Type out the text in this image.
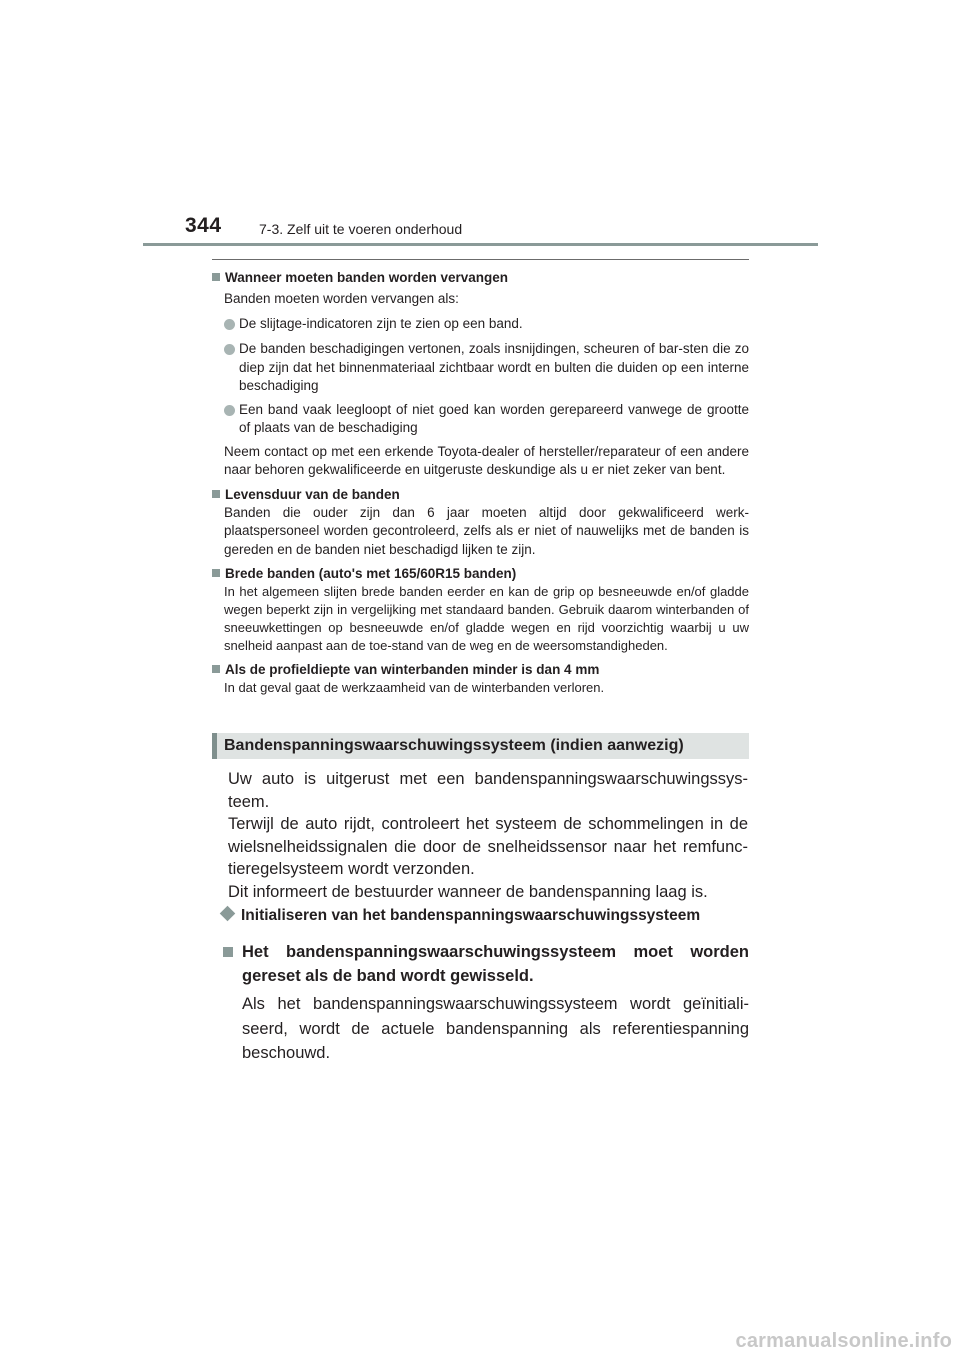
344	7-3. Zelf uit te voeren onderhoud
Wanneer moeten banden worden vervangen

Banden moeten worden vervangen als:

De slijtage-indicatoren zijn te zien op een band.
De banden beschadigingen vertonen, zoals insnijdingen, scheuren of bar-sten die zo diep zijn dat het binnenmateriaal zichtbaar wordt en bulten die duiden op een interne beschadiging
Een band vaak leegloopt of niet goed kan worden gerepareerd vanwege de grootte of plaats van de beschadiging

Neem contact op met een erkende Toyota-dealer of hersteller/reparateur of een andere naar behoren gekwalificeerde en uitgeruste deskundige als u er niet zeker van bent.

Levensduur van de banden

Banden die ouder zijn dan 6 jaar moeten altijd door gekwalificeerd werk-plaatspersoneel worden gecontroleerd, zelfs als er niet of nauwelijks met de banden is gereden en de banden niet beschadigd lijken te zijn.

Brede banden (auto's met 165/60R15 banden)

In het algemeen slijten brede banden eerder en kan de grip op besneeuwde en/of gladde wegen beperkt zijn in vergelijking met standaard banden. Gebruik daarom winterbanden of sneeuwkettingen op besneeuwde en/of gladde wegen en rijd voorzichtig waarbij u uw snelheid aanpast aan de toe-stand van de weg en de weersomstandigheden.

Als de profieldiepte van winterbanden minder is dan 4 mm

In dat geval gaat de werkzaamheid van de winterbanden verloren.

Bandenspanningswaarschuwingssysteem (indien aanwezig)

Uw auto is uitgerust met een bandenspanningswaarschuwingssys-teem.

Terwijl de auto rijdt, controleert het systeem de schommelingen in de wielsnelheidssignalen die door de snelheidssensor naar het remfunc-tieregelsysteem wordt verzonden.

Dit informeert de bestuurder wanneer de bandenspanning laag is.

Initialiseren van het bandenspanningswaarschuwingssysteem
Het bandenspanningswaarschuwingssysteem moet worden gereset als de band wordt gewisseld.
Als het bandenspanningswaarschuwingssysteem wordt geïnitiali-seerd, wordt de actuele bandenspanning als referentiespanning beschouwd.
carmanualsonline.info
